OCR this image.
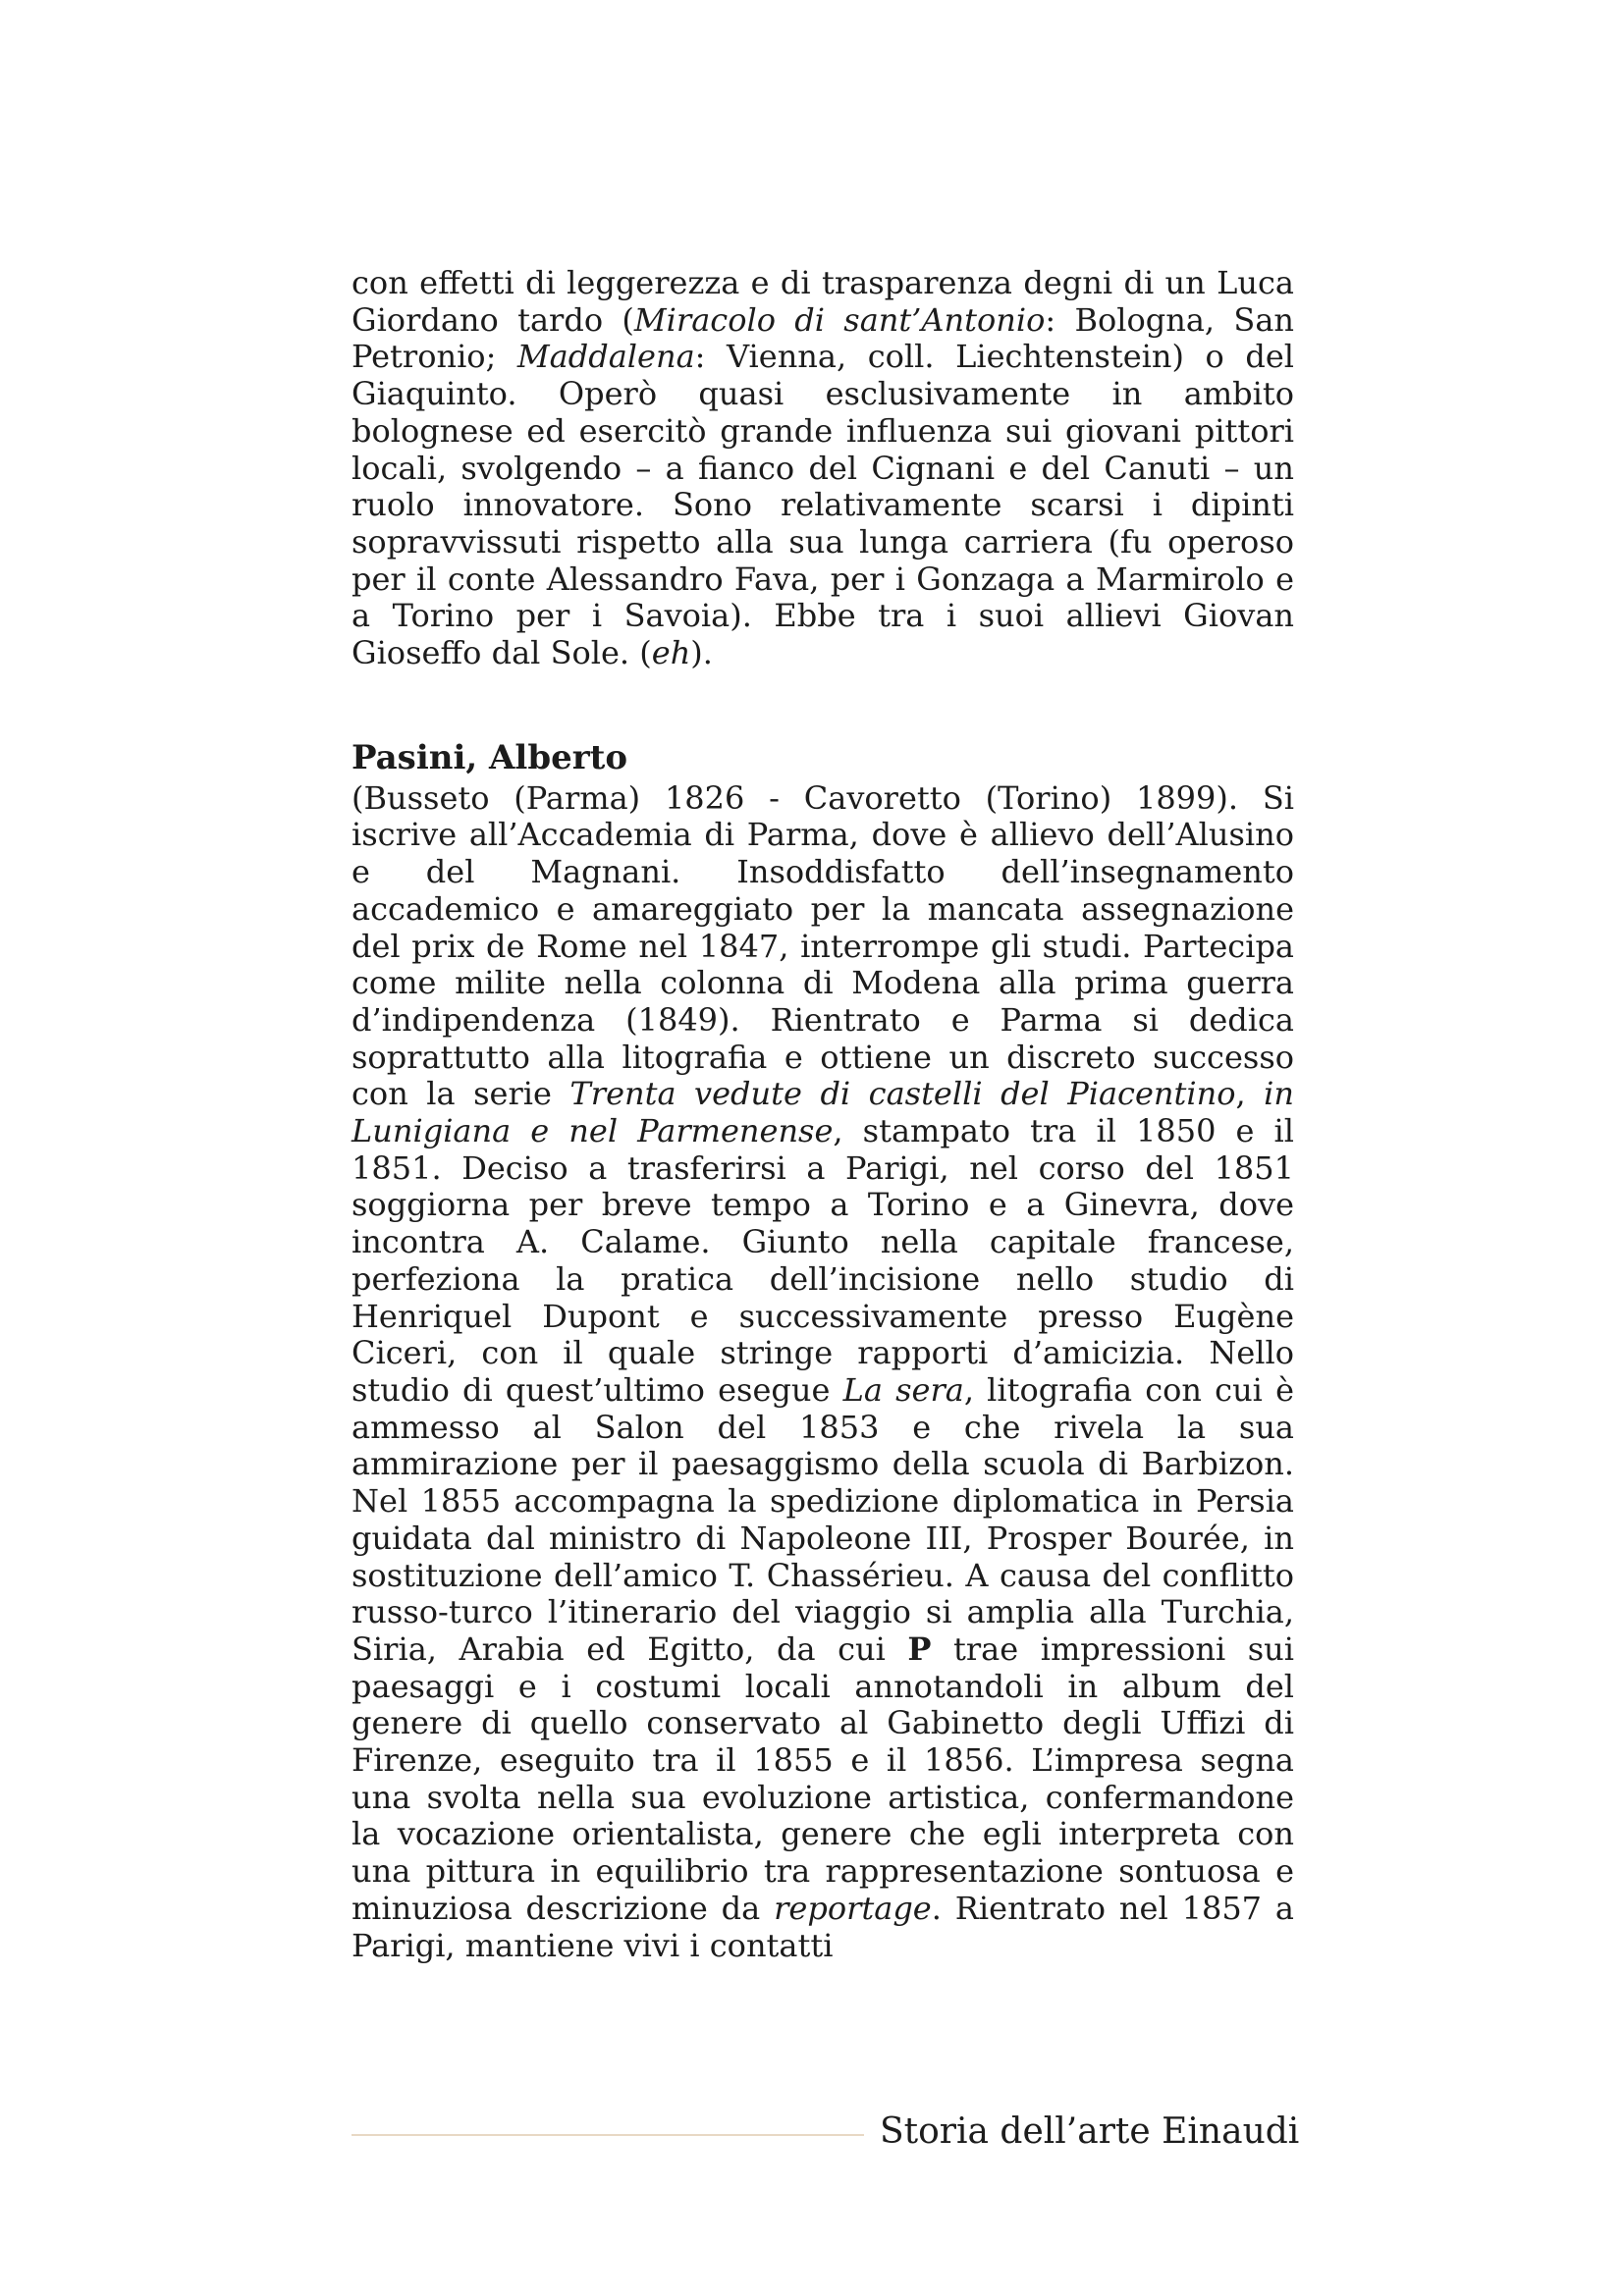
con effetti di leggerezza e di trasparenza degni di un Luca Giordano tardo (Miracolo di sant’Antonio: Bologna, San Petronio; Maddalena: Vienna, coll. Liechtenstein) o del Giaquinto. Operò quasi esclusivamente in ambito bolognese ed esercitò grande influenza sui giovani pittori locali, svolgendo – a fianco del Cignani e del Canuti – un ruolo innovatore. Sono relativamente scarsi i dipinti sopravvissuti rispetto alla sua lunga carriera (fu operoso per il conte Alessandro Fava, per i Gonzaga a Marmirolo e a Torino per i Savoia). Ebbe tra i suoi allievi Giovan Gioseffo dal Sole. (eh).

Pasini, Alberto

(Busseto (Parma) 1826 - Cavoretto (Torino) 1899). Si iscrive all’Accademia di Parma, dove è allievo dell’Alusino e del Magnani. Insoddisfatto dell’insegnamento accademico e amareggiato per la mancata assegnazione del prix de Rome nel 1847, interrompe gli studi. Partecipa come milite nella colonna di Modena alla prima guerra d’indipendenza (1849). Rientrato e Parma si dedica soprattutto alla litografia e ottiene un discreto successo con la serie Trenta vedute di castelli del Piacentino, in Lunigiana e nel Parmenense, stampato tra il 1850 e il 1851. Deciso a trasferirsi a Parigi, nel corso del 1851 soggiorna per breve tempo a Torino e a Ginevra, dove incontra A. Calame. Giunto nella capitale francese, perfeziona la pratica dell’incisione nello studio di Henriquel Dupont e successivamente presso Eugène Ciceri, con il quale stringe rapporti d’amicizia. Nello studio di quest’ultimo esegue La sera, litografia con cui è ammesso al Salon del 1853 e che rivela la sua ammirazione per il paesaggismo della scuola di Barbizon. Nel 1855 accompagna la spedizione diplomatica in Persia guidata dal ministro di Napoleone III, Prosper Bourée, in sostituzione dell’amico T. Chassérieu. A causa del conflitto russo-turco l’itinerario del viaggio si amplia alla Turchia, Siria, Arabia ed Egitto, da cui P trae impressioni sui paesaggi e i costumi locali annotandoli in album del genere di quello conservato al Gabinetto degli Uffizi di Firenze, eseguito tra il 1855 e il 1856. L’impresa segna una svolta nella sua evoluzione artistica, confermandone la vocazione orientalista, genere che egli interpreta con una pittura in equilibrio tra rappresentazione sontuosa e minuziosa descrizione da reportage. Rientrato nel 1857 a Parigi, mantiene vivi i contatti

Storia dell’arte Einaudi
